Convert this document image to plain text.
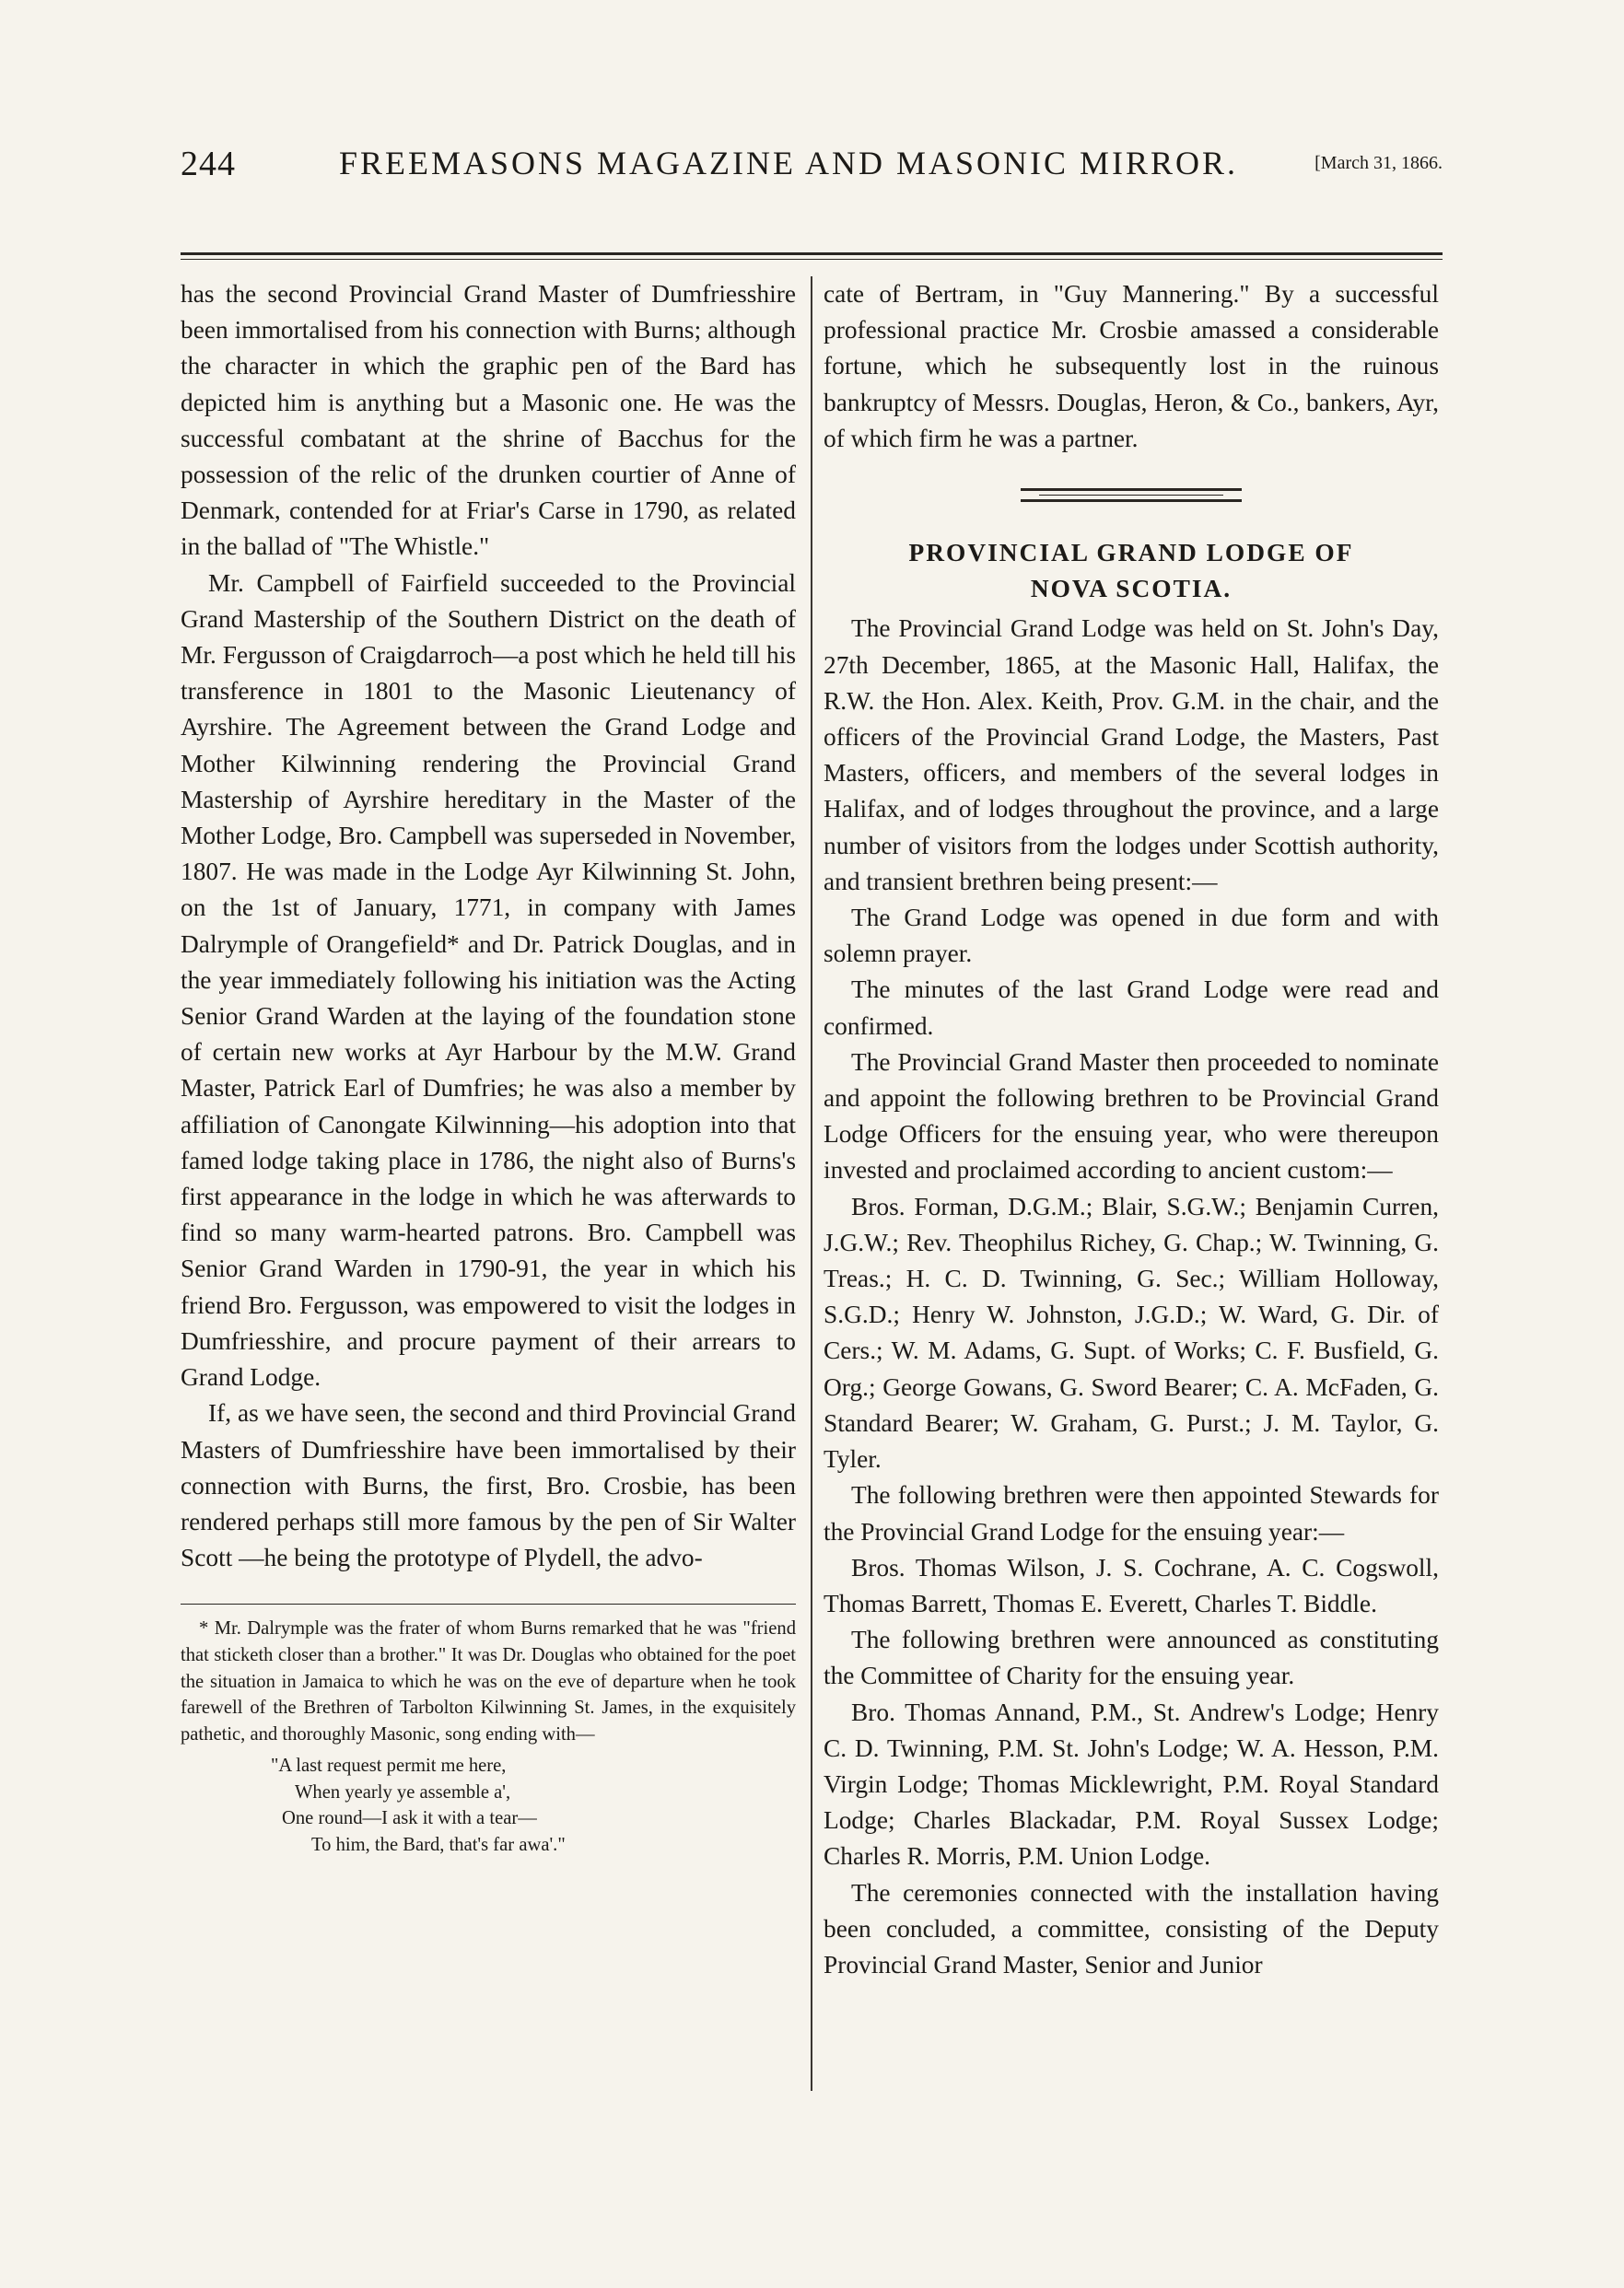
244	FREEMASONS MAGAZINE AND MASONIC MIRROR.	[March 31, 1866.

has the second Provincial Grand Master of Dumfriesshire been immortalised from his connection with Burns; although the character in which the graphic pen of the Bard has depicted him is anything but a Masonic one. He was the successful combatant at the shrine of Bacchus for the possession of the relic of the drunken courtier of Anne of Denmark, contended for at Friar's Carse in 1790, as related in the ballad of "The Whistle."

Mr. Campbell of Fairfield succeeded to the Provincial Grand Mastership of the Southern District on the death of Mr. Fergusson of Craigdarroch—a post which he held till his transference in 1801 to the Masonic Lieutenancy of Ayrshire. The Agreement between the Grand Lodge and Mother Kilwinning rendering the Provincial Grand Mastership of Ayrshire hereditary in the Master of the Mother Lodge, Bro. Campbell was superseded in November, 1807. He was made in the Lodge Ayr Kilwinning St. John, on the 1st of January, 1771, in company with James Dalrymple of Orangefield* and Dr. Patrick Douglas, and in the year immediately following his initiation was the Acting Senior Grand Warden at the laying of the foundation stone of certain new works at Ayr Harbour by the M.W. Grand Master, Patrick Earl of Dumfries; he was also a member by affiliation of Canongate Kilwinning—his adoption into that famed lodge taking place in 1786, the night also of Burns's first appearance in the lodge in which he was afterwards to find so many warm-hearted patrons. Bro. Campbell was Senior Grand Warden in 1790-91, the year in which his friend Bro. Fergusson, was empowered to visit the lodges in Dumfriesshire, and procure payment of their arrears to Grand Lodge.

If, as we have seen, the second and third Provincial Grand Masters of Dumfriesshire have been immortalised by their connection with Burns, the first, Bro. Crosbie, has been rendered perhaps still more famous by the pen of Sir Walter Scott —he being the prototype of Plydell, the advo-

* Mr. Dalrymple was the frater of whom Burns remarked that he was "friend that sticketh closer than a brother." It was Dr. Douglas who obtained for the poet the situation in Jamaica to which he was on the eve of departure when he took farewell of the Brethren of Tarbolton Kilwinning St. James, in the exquisitely pathetic, and thoroughly Masonic, song ending with—

"A last request permit me here,
When yearly ye assemble a',
One round—I ask it with a tear—
To him, the Bard, that's far awa'."

cate of Bertram, in "Guy Mannering." By a successful professional practice Mr. Crosbie amassed a considerable fortune, which he subsequently lost in the ruinous bankruptcy of Messrs. Douglas, Heron, & Co., bankers, Ayr, of which firm he was a partner.

PROVINCIAL GRAND LODGE OF NOVA SCOTIA.

The Provincial Grand Lodge was held on St. John's Day, 27th December, 1865, at the Masonic Hall, Halifax, the R.W. the Hon. Alex. Keith, Prov. G.M. in the chair, and the officers of the Provincial Grand Lodge, the Masters, Past Masters, officers, and members of the several lodges in Halifax, and of lodges throughout the province, and a large number of visitors from the lodges under Scottish authority, and transient brethren being present:—

The Grand Lodge was opened in due form and with solemn prayer.

The minutes of the last Grand Lodge were read and confirmed.

The Provincial Grand Master then proceeded to nominate and appoint the following brethren to be Provincial Grand Lodge Officers for the ensuing year, who were thereupon invested and proclaimed according to ancient custom:—

Bros. Forman, D.G.M.; Blair, S.G.W.; Benjamin Curren, J.G.W.; Rev. Theophilus Richey, G. Chap.; W. Twinning, G. Treas.; H. C. D. Twinning, G. Sec.; William Holloway, S.G.D.; Henry W. Johnston, J.G.D.; W. Ward, G. Dir. of Cers.; W. M. Adams, G. Supt. of Works; C. F. Busfield, G. Org.; George Gowans, G. Sword Bearer; C. A. McFaden, G. Standard Bearer; W. Graham, G. Purst.; J. M. Taylor, G. Tyler.

The following brethren were then appointed Stewards for the Provincial Grand Lodge for the ensuing year:—

Bros. Thomas Wilson, J. S. Cochrane, A. C. Cogswoll, Thomas Barrett, Thomas E. Everett, Charles T. Biddle.

The following brethren were announced as constituting the Committee of Charity for the ensuing year.

Bro. Thomas Annand, P.M., St. Andrew's Lodge; Henry C. D. Twinning, P.M. St. John's Lodge; W. A. Hesson, P.M. Virgin Lodge; Thomas Micklewright, P.M. Royal Standard Lodge; Charles Blackadar, P.M. Royal Sussex Lodge; Charles R. Morris, P.M. Union Lodge.

The ceremonies connected with the installation having been concluded, a committee, consisting of the Deputy Provincial Grand Master, Senior and Junior
